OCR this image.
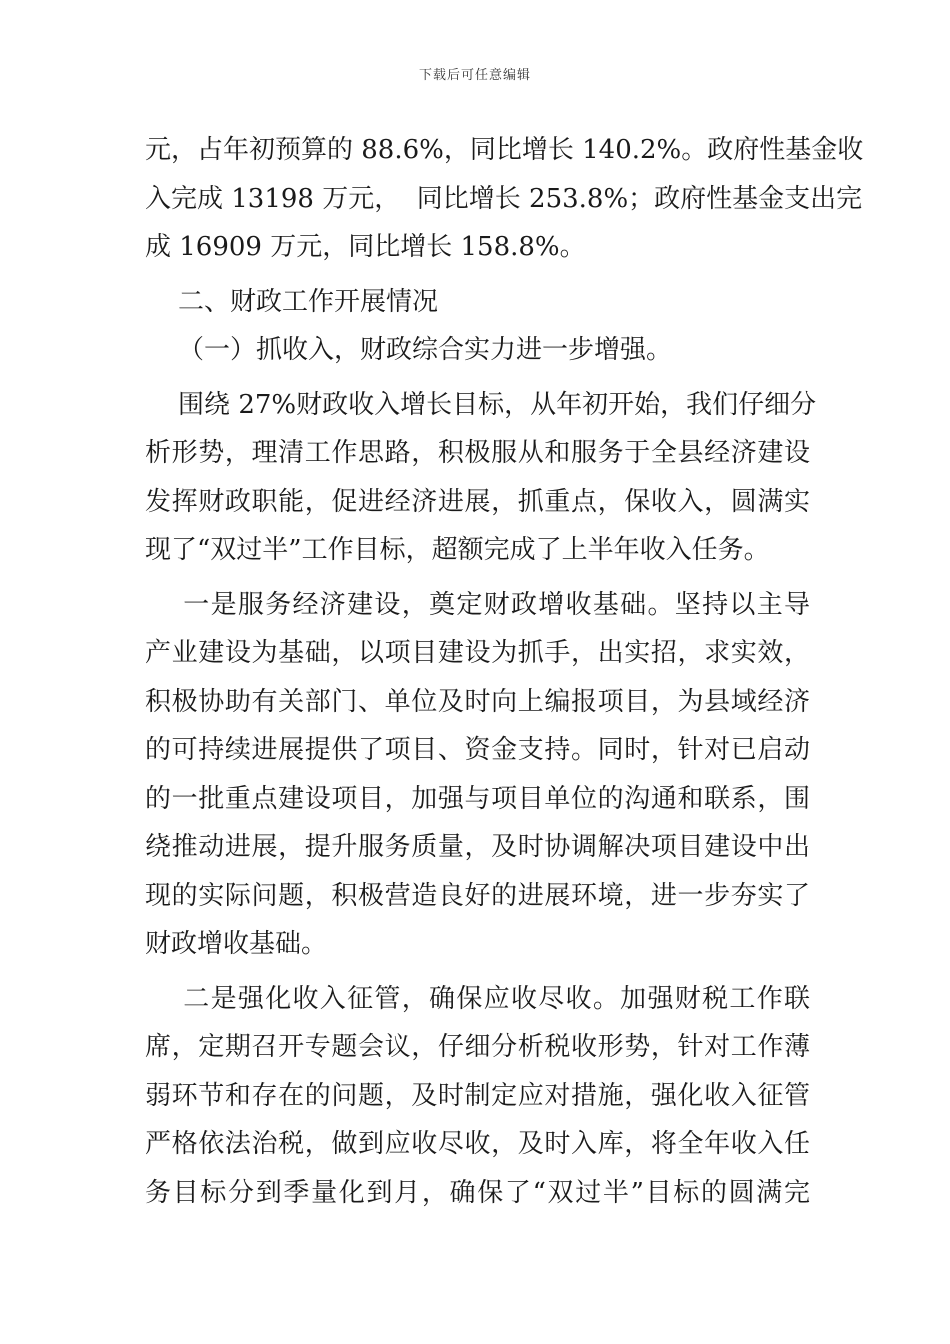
下载后可任意编辑
元，占年初预算的 88.6%，同比增长 140.2%。政府性基金收
入完成 13198 万元，  同比增长 253.8%；政府性基金支出完
成 16909 万元，同比增长 158.8%。
二、财政工作开展情况
（一）抓收入，财政综合实力进一步增强。
围绕 27%财政收入增长目标，从年初开始，我们仔细分
析形势，理清工作思路，积极服从和服务于全县经济建设
发挥财政职能，促进经济进展，抓重点，保收入，圆满实
现了“双过半”工作目标，超额完成了上半年收入任务。
一是服务经济建设，奠定财政增收基础。坚持以主导
产业建设为基础，以项目建设为抓手，出实招，求实效，
积极协助有关部门、单位及时向上编报项目，为县域经济
的可持续进展提供了项目、资金支持。同时，针对已启动
的一批重点建设项目，加强与项目单位的沟通和联系，围
绕推动进展，提升服务质量，及时协调解决项目建设中出
现的实际问题，积极营造良好的进展环境，进一步夯实了
财政增收基础。
二是强化收入征管，确保应收尽收。加强财税工作联
席，定期召开专题会议，仔细分析税收形势，针对工作薄
弱环节和存在的问题，及时制定应对措施，强化收入征管
严格依法治税，做到应收尽收，及时入库，将全年收入任
务目标分到季量化到月，确保了“双过半”目标的圆满完
